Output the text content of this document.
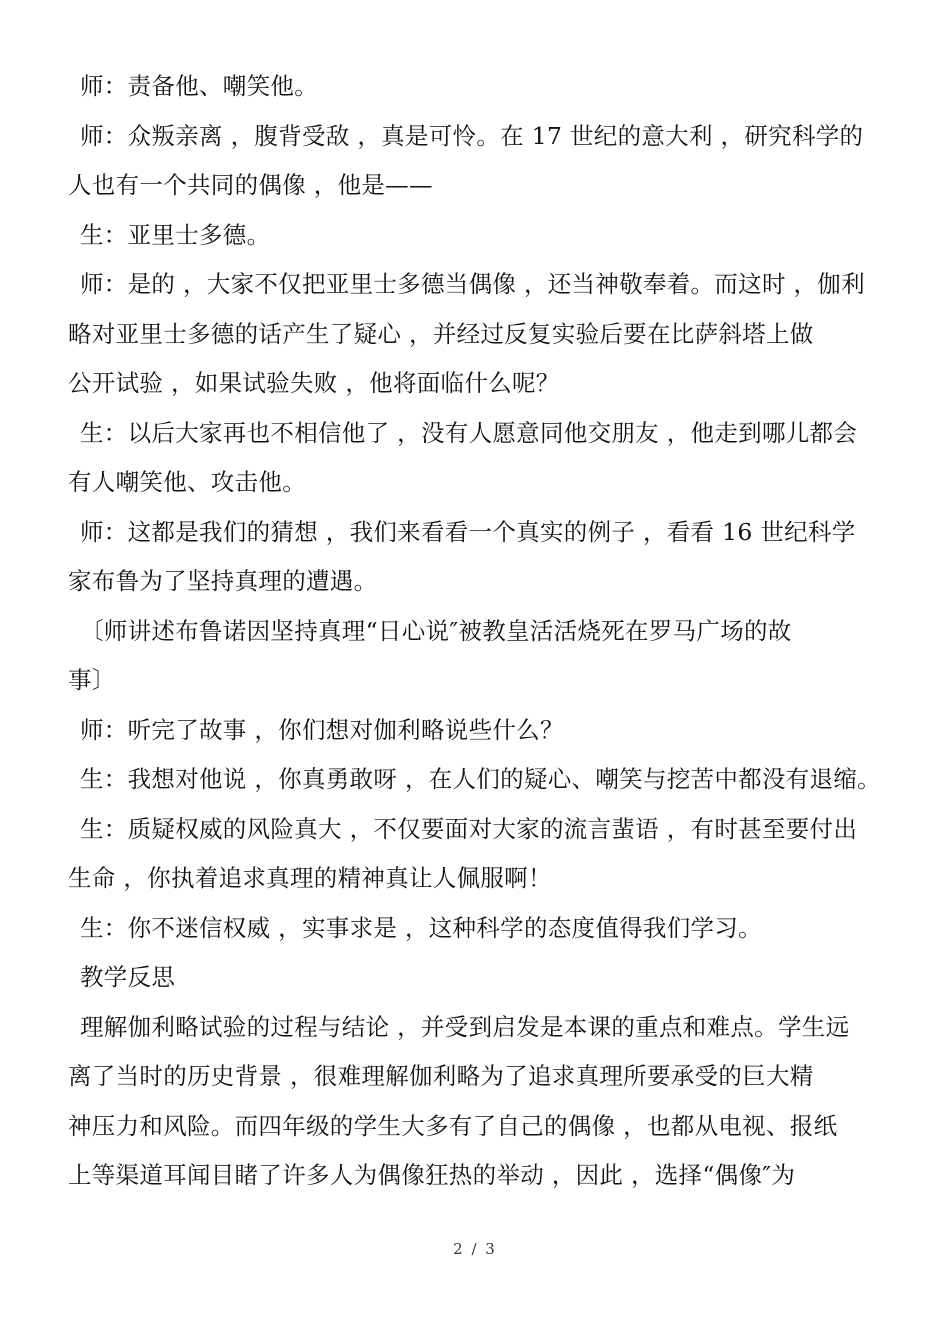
师：责备他、嘲笑他。
师：众叛亲离 ，腹背受敌 ，真是可怜。在 17 世纪的意大利 ，研究科学的
人也有一个共同的偶像 ，他是——
生：亚里士多德。
师：是的 ，大家不仅把亚里士多德当偶像 ，还当神敬奉着。而这时 ，伽利
略对亚里士多德的话产生了疑心 ，并经过反复实验后要在比萨斜塔上做
公开试验 ，如果试验失败 ，他将面临什么呢？
生：以后大家再也不相信他了 ，没有人愿意同他交朋友 ，他走到哪儿都会
有人嘲笑他、攻击他。
师：这都是我们的猜想 ，我们来看看一个真实的例子 ，看看 16 世纪科学
家布鲁为了坚持真理的遭遇。
〔师讲述布鲁诺因坚持真理“日心说″被教皇活活烧死在罗马广场的故
事〕
师：听完了故事 ，你们想对伽利略说些什么？
生：我想对他说 ，你真勇敢呀 ，在人们的疑心、嘲笑与挖苦中都没有退缩。
生：质疑权威的风险真大 ，不仅要面对大家的流言蜚语 ，有时甚至要付出
生命 ，你执着追求真理的精神真让人佩服啊！
生：你不迷信权威 ，实事求是 ，这种科学的态度值得我们学习。
教学反思
理解伽利略试验的过程与结论 ，并受到启发是本课的重点和难点。学生远
离了当时的历史背景 ，很难理解伽利略为了追求真理所要承受的巨大精
神压力和风险。而四年级的学生大多有了自己的偶像 ，也都从电视、报纸
上等渠道耳闻目睹了许多人为偶像狂热的举动 ，因此 ，选择“偶像″为
2 / 3
